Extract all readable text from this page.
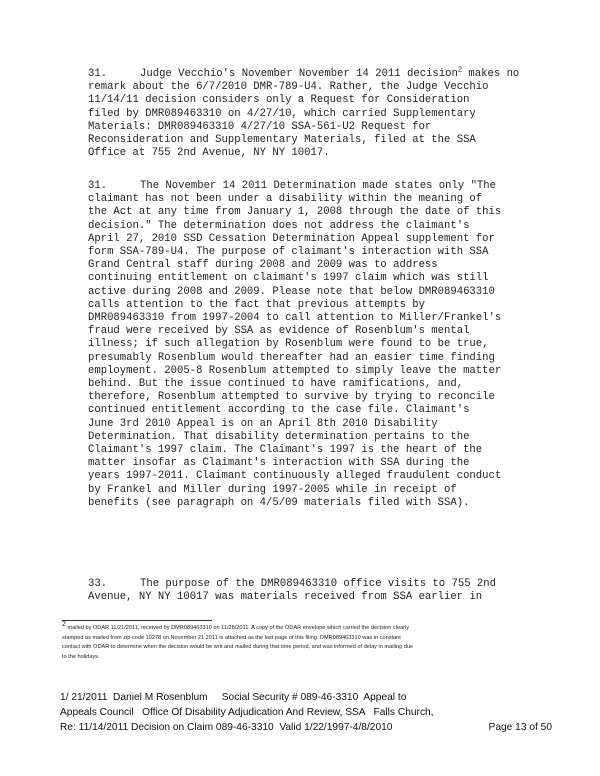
31.	Judge Vecchio's November November 14 2011 decision$^2$ makes no
remark about the 6/7/2010 DMR-789-U4. Rather, the Judge Vecchio
11/14/11 decision considers only a Request for Consideration
filed by DMR089463310 on 4/27/10, which carried Supplementary
Materials: DMR089463310 4/27/10 SSA-561-U2 Request for
Reconsideration and Supplementary Materials, filed at the SSA
Office at 755 2nd Avenue, NY NY 10017.
31.	The November 14 2011 Determination made states only "The
claimant has not been under a disability within the meaning of
the Act at any time from January 1, 2008 through the date of this
decision." The determination does not address the claimant's
April 27, 2010 SSD Cessation Determination Appeal supplement for
form SSA-789-U4. The purpose of claimant's interaction with SSA
Grand Central staff during 2008 and 2009 was to address
continuing entitlement on claimant's 1997 claim which was still
active during 2008 and 2009. Please note that below DMR089463310
calls attention to the fact that previous attempts by
DMR089463310 from 1997-2004 to call attention to Miller/Frankel's
fraud were received by SSA as evidence of Rosenblum's mental
illness; if such allegation by Rosenblum were found to be true,
presumably Rosenblum would thereafter had an easier time finding
employment. 2005-8 Rosenblum attempted to simply leave the matter
behind. But the issue continued to have ramifications, and,
therefore, Rosenblum attempted to survive by trying to reconcile
continued entitlement according to the case file. Claimant's
June 3rd 2010 Appeal is on an April 8th 2010 Disability
Determination. That disability determination pertains to the
Claimant's 1997 claim. The Claimant's 1997 is the heart of the
matter insofar as Claimant's interaction with SSA during the
years 1997-2011. Claimant continuously alleged fraudulent conduct
by Frankel and Miller during 1997-2005 while in receipt of
benefits (see paragraph on 4/5/09 materials filed with SSA).
33.	The purpose of the DMR089463310 office visits to 755 2nd
Avenue, NY NY 10017 was materials received from SSA earlier in
$^2$ mailed by ODAR 11/21/2011, received by DMR089463310 on 11/28/2011. A copy of the ODAR envelope which carried the decision clearly
stamped as mailed from zip code 10278 on November 21 2011 is attached as the last page of this filing. DMR089463310 was in constant
contact with ODAR to determine when the decision would be writ and mailed during that time period, and was informed of delay in mailing due
to the holidays.
1/ 21/2011  Daniel M Rosenblum     Social Security # 089-46-3310  Appeal to
Appeals Council   Office Of Disability Adjudication And Review, SSA   Falls Church,
Re: 11/14/2011 Decision on Claim 089-46-3310  Valid 1/22/1997-4/8/2010	Page 13 of 50
